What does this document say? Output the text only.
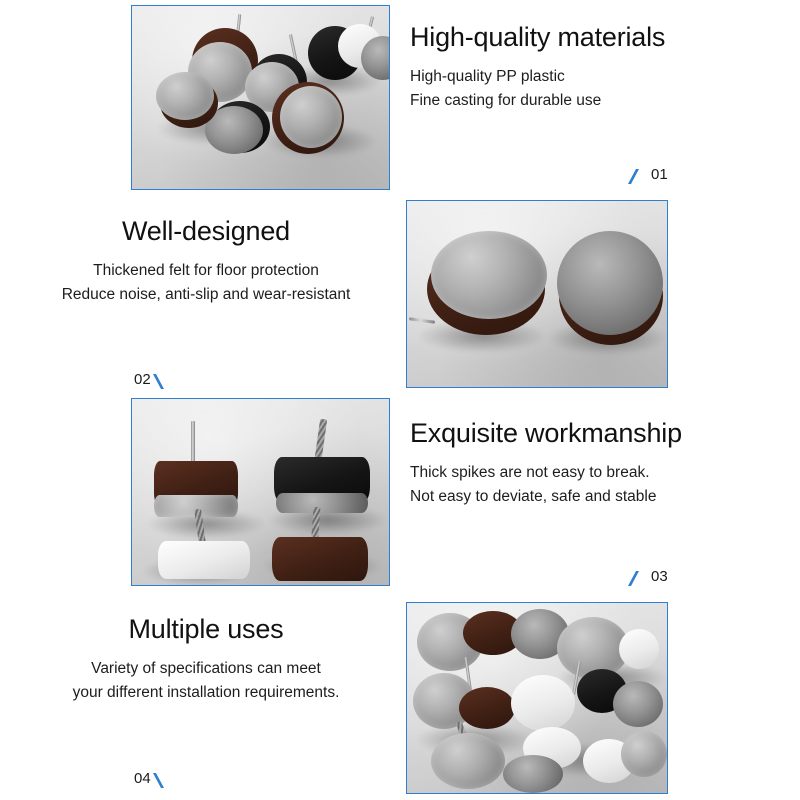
High-quality materials
High-quality PP plastic
Fine casting for durable use
01
Well-designed
Thickened felt for floor protection
Reduce noise, anti-slip and wear-resistant
02
Exquisite workmanship
Thick spikes are not easy to break.
Not easy to deviate, safe and stable
03
Multiple uses
Variety of specifications can meet
your different installation requirements.
04
